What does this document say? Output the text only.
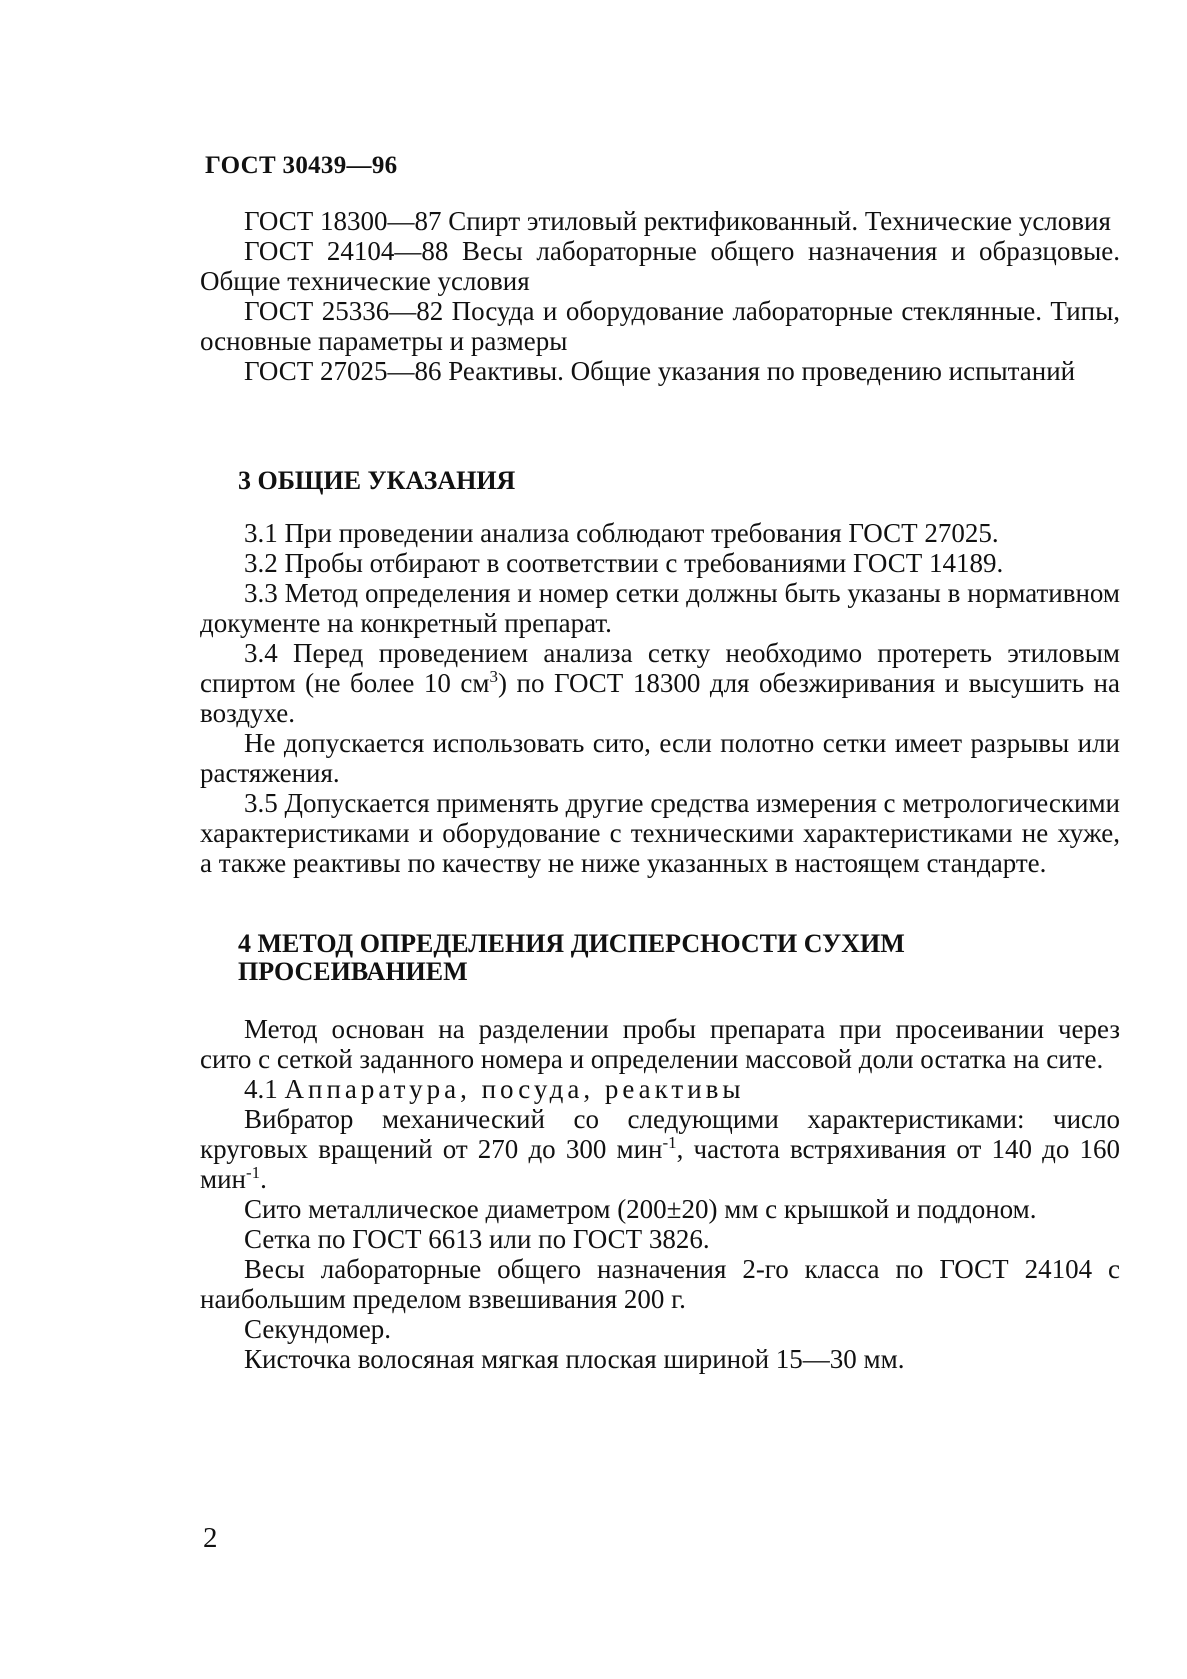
ГОСТ 30439—96

ГОСТ 18300—87 Спирт этиловый ректификованный. Технические условия

ГОСТ 24104—88 Весы лабораторные общего назначения и образцовые. Общие технические условия

ГОСТ 25336—82 Посуда и оборудование лабораторные стеклянные. Типы, основные параметры и размеры

ГОСТ 27025—86 Реактивы. Общие указания по проведению испытаний

3 ОБЩИЕ УКАЗАНИЯ

3.1 При проведении анализа соблюдают требования ГОСТ 27025.

3.2 Пробы отбирают в соответствии с требованиями ГОСТ 14189.

3.3 Метод определения и номер сетки должны быть указаны в нормативном документе на конкретный препарат.

3.4 Перед проведением анализа сетку необходимо протереть этиловым спиртом (не более 10 $см^3$) по ГОСТ 18300 для обезжиривания и высушить на воздухе.

Не допускается использовать сито, если полотно сетки имеет разрывы или растяжения.

3.5 Допускается применять другие средства измерения с метрологическими характеристиками и оборудование с техническими характеристиками не хуже, а также реактивы по качеству не ниже указанных в настоящем стандарте.

4 МЕТОД ОПРЕДЕЛЕНИЯ ДИСПЕРСНОСТИ СУХИМ
ПРОСЕИВАНИЕМ

Метод основан на разделении пробы препарата при просеивании через сито с сеткой заданного номера и определении массовой доли остатка на сите.

4.1 Аппаратура, посуда, реактивы

Вибратор механический со следующими характеристиками: число круговых вращений от 270 до 300 мин$^{-1}$, частота встряхивания от 140 до 160 мин$^{-1}$.

Сито металлическое диаметром (200±20) мм с крышкой и поддоном.

Сетка по ГОСТ 6613 или по ГОСТ 3826.

Весы лабораторные общего назначения 2-го класса по ГОСТ 24104 с наибольшим пределом взвешивания 200 г.

Секундомер.

Кисточка волосяная мягкая плоская шириной 15—30 мм.

2
